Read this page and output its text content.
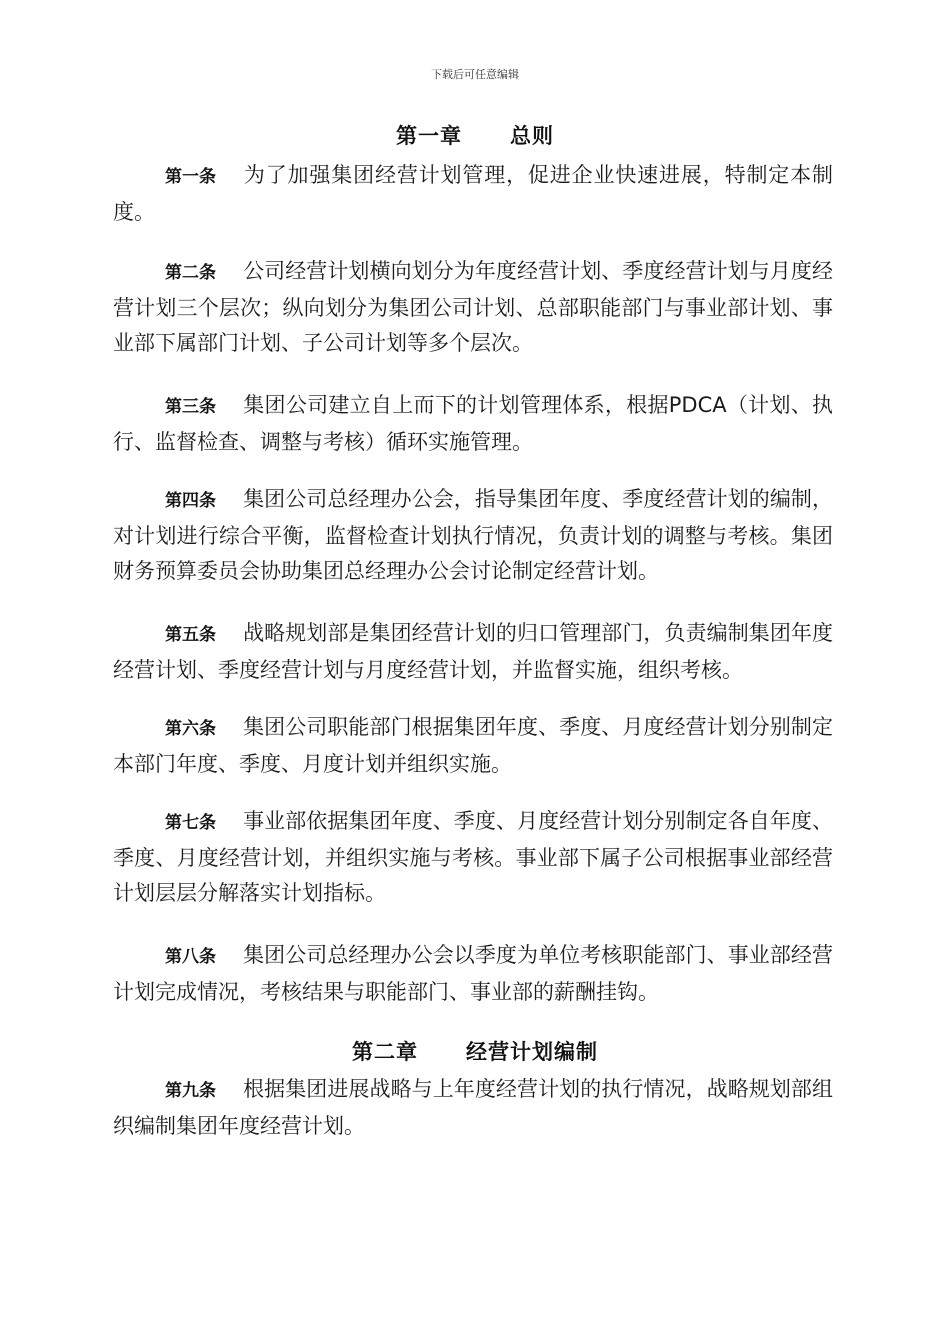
下载后可任意编辑
第一章 总则
第一条 为了加强集团经营计划管理，促进企业快速进展，特制定本制度。
第二条 公司经营计划横向划分为年度经营计划、季度经营计划与月度经营计划三个层次；纵向划分为集团公司计划、总部职能部门与事业部计划、事业部下属部门计划、子公司计划等多个层次。
第三条 集团公司建立自上而下的计划管理体系，根据PDCA（计划、执行、监督检查、调整与考核）循环实施管理。
第四条 集团公司总经理办公会，指导集团年度、季度经营计划的编制，对计划进行综合平衡，监督检查计划执行情况，负责计划的调整与考核。集团财务预算委员会协助集团总经理办公会讨论制定经营计划。
第五条 战略规划部是集团经营计划的归口管理部门，负责编制集团年度经营计划、季度经营计划与月度经营计划，并监督实施，组织考核。
第六条 集团公司职能部门根据集团年度、季度、月度经营计划分别制定本部门年度、季度、月度计划并组织实施。
第七条 事业部依据集团年度、季度、月度经营计划分别制定各自年度、季度、月度经营计划，并组织实施与考核。事业部下属子公司根据事业部经营计划层层分解落实计划指标。
第八条 集团公司总经理办公会以季度为单位考核职能部门、事业部经营计划完成情况，考核结果与职能部门、事业部的薪酬挂钩。
第二章 经营计划编制
第九条 根据集团进展战略与上年度经营计划的执行情况，战略规划部组织编制集团年度经营计划。
